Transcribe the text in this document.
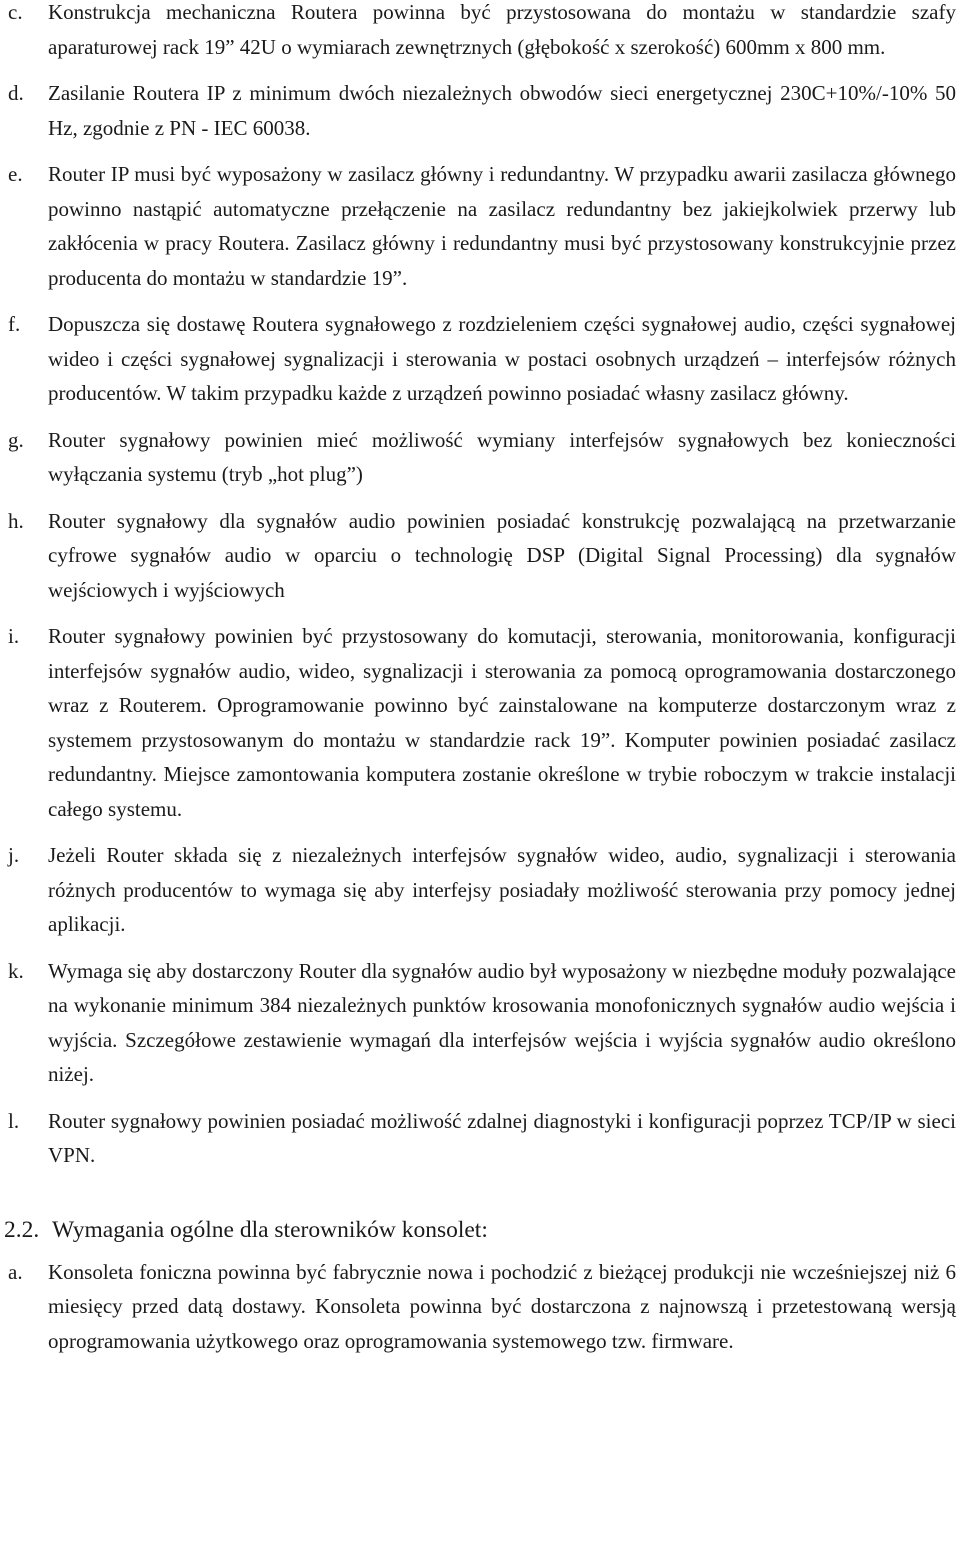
c. Konstrukcja mechaniczna Routera powinna być przystosowana do montażu w standardzie szafy aparaturowej rack 19” 42U o wymiarach zewnętrznych (głębokość x szerokość) 600mm x 800 mm.
d. Zasilanie Routera IP z minimum dwóch niezależnych obwodów sieci energetycznej 230C+10%/-10% 50 Hz, zgodnie z PN - IEC 60038.
e. Router IP musi być wyposażony w zasilacz główny i redundantny. W przypadku awarii zasilacza głównego powinno nastąpić automatyczne przełączenie na zasilacz redundantny bez jakiejkolwiek przerwy lub zakłócenia w pracy Routera. Zasilacz główny i redundantny musi być przystosowany konstrukcyjnie przez producenta do montażu w standardzie 19”.
f. Dopuszcza się dostawę Routera sygnałowego z rozdzieleniem części sygnałowej audio, części sygnałowej wideo i części sygnałowej sygnalizacji i sterowania w postaci osobnych urządzeń – interfejsów różnych producentów. W takim przypadku każde z urządzeń powinno posiadać własny zasilacz główny.
g. Router sygnałowy powinien mieć możliwość wymiany interfejsów sygnałowych bez konieczności wyłączania systemu (tryb „hot plug”)
h. Router sygnałowy dla sygnałów audio powinien posiadać konstrukcję pozwalającą na przetwarzanie cyfrowe sygnałów audio w oparciu o technologię DSP (Digital Signal Processing) dla sygnałów wejściowych i wyjściowych
i. Router sygnałowy powinien być przystosowany do komutacji, sterowania, monitorowania, konfiguracji interfejsów sygnałów audio, wideo, sygnalizacji i sterowania za pomocą oprogramowania dostarczonego wraz z Routerem. Oprogramowanie powinno być zainstalowane na komputerze dostarczonym wraz z systemem przystosowanym do montażu w standardzie rack 19”. Komputer powinien posiadać zasilacz redundantny. Miejsce zamontowania komputera zostanie określone w trybie roboczym w trakcie instalacji całego systemu.
j. Jeżeli Router składa się z niezależnych interfejsów sygnałów wideo, audio, sygnalizacji i sterowania różnych producentów to wymaga się aby interfejsy posiadały możliwość sterowania przy pomocy jednej aplikacji.
k. Wymaga się aby dostarczony Router dla sygnałów audio był wyposażony w niezbędne moduły pozwalające na wykonanie minimum 384 niezależnych punktów krosowania monofonicznych sygnałów audio wejścia i wyjścia. Szczegółowe zestawienie wymagań dla interfejsów wejścia i wyjścia sygnałów audio określono niżej.
l. Router sygnałowy powinien posiadać możliwość zdalnej diagnostyki i konfiguracji poprzez TCP/IP w sieci VPN.
2.2. Wymagania ogólne dla sterowników konsolet:
a. Konsoleta foniczna powinna być fabrycznie nowa i pochodzić z bieżącej produkcji nie wcześniejszej niż 6 miesięcy przed datą dostawy. Konsoleta powinna być dostarczona z najnowszą i przetestowaną wersją oprogramowania użytkowego oraz oprogramowania systemowego tzw. firmware.
